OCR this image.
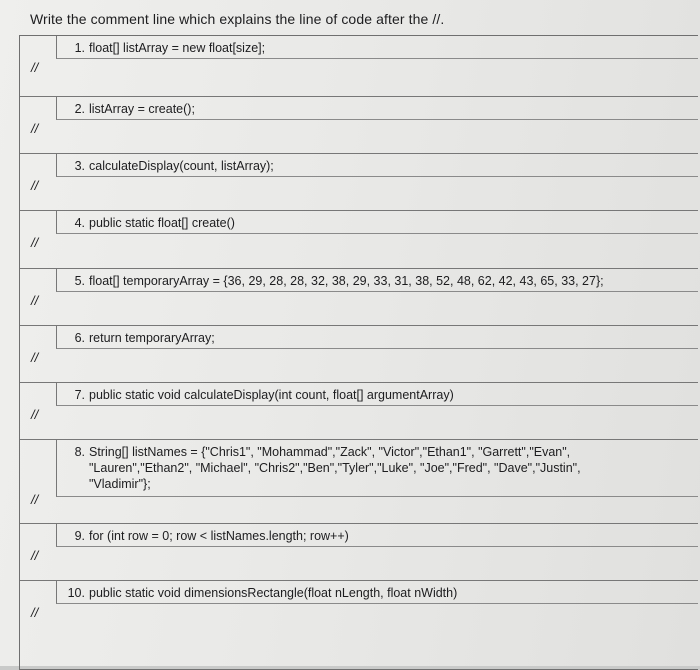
Write the comment line which explains the line of code after the //.
1. float[] listArray = new float[size];
//
2. listArray = create();
//
3. calculateDisplay(count, listArray);
//
4. public static float[] create()
//
5. float[] temporaryArray = {36, 29, 28, 28, 32, 38, 29, 33, 31, 38, 52, 48, 62, 42, 43, 65, 33, 27};
//
6. return temporaryArray;
//
7. public static void calculateDisplay(int count, float[] argumentArray)
//
8. String[] listNames = {"Chris1", "Mohammad","Zack", "Victor","Ethan1", "Garrett","Evan",
"Lauren","Ethan2", "Michael", "Chris2","Ben","Tyler","Luke", "Joe","Fred", "Dave","Justin",
"Vladimir"};
//
9. for (int row = 0; row < listNames.length; row++)
//
10. public static void dimensionsRectangle(float nLength, float nWidth)
//
